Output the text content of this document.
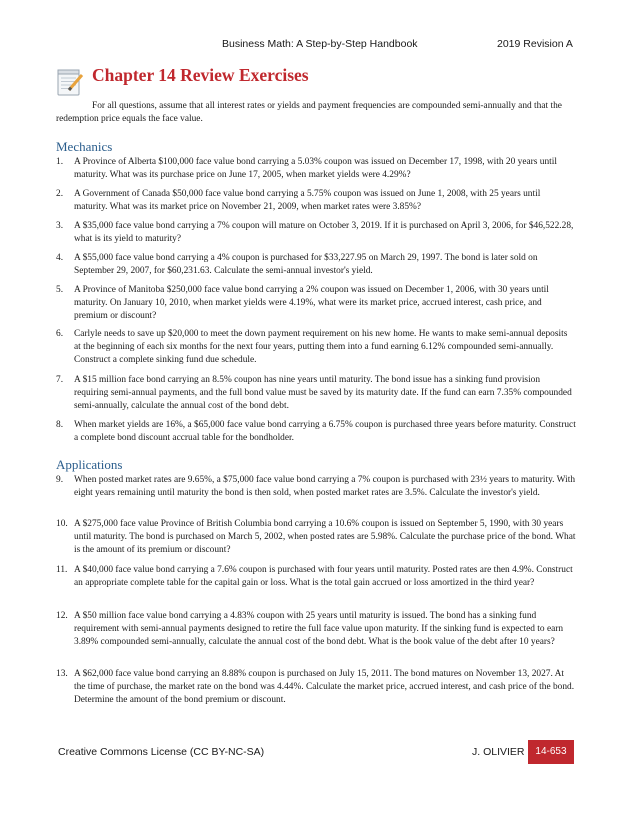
Business Math: A Step-by-Step Handbook	2019 Revision A
Chapter 14 Review Exercises
For all questions, assume that all interest rates or yields and payment frequencies are compounded semi-annually and that the redemption price equals the face value.
Mechanics
1.	A Province of Alberta $100,000 face value bond carrying a 5.03% coupon was issued on December 17, 1998, with 20 years until maturity. What was its purchase price on June 17, 2005, when market yields were 4.29%?
2.	A Government of Canada $50,000 face value bond carrying a 5.75% coupon was issued on June 1, 2008, with 25 years until maturity. What was its market price on November 21, 2009, when market rates were 3.85%?
3.	A $35,000 face value bond carrying a 7% coupon will mature on October 3, 2019. If it is purchased on April 3, 2006, for $46,522.28, what is its yield to maturity?
4.	A $55,000 face value bond carrying a 4% coupon is purchased for $33,227.95 on March 29, 1997. The bond is later sold on September 29, 2007, for $60,231.63. Calculate the semi-annual investor's yield.
5.	A Province of Manitoba $250,000 face value bond carrying a 2% coupon was issued on December 1, 2006, with 30 years until maturity. On January 10, 2010, when market yields were 4.19%, what were its market price, accrued interest, cash price, and premium or discount?
6.	Carlyle needs to save up $20,000 to meet the down payment requirement on his new home. He wants to make semi-annual deposits at the beginning of each six months for the next four years, putting them into a fund earning 6.12% compounded semi-annually. Construct a complete sinking fund due schedule.
7.	A $15 million face bond carrying an 8.5% coupon has nine years until maturity. The bond issue has a sinking fund provision requiring semi-annual payments, and the full bond value must be saved by its maturity date. If the fund can earn 7.35% compounded semi-annually, calculate the annual cost of the bond debt.
8.	When market yields are 16%, a $65,000 face value bond carrying a 6.75% coupon is purchased three years before maturity. Construct a complete bond discount accrual table for the bondholder.
Applications
9.	When posted market rates are 9.65%, a $75,000 face value bond carrying a 7% coupon is purchased with 23½ years to maturity. With eight years remaining until maturity the bond is then sold, when posted market rates are 3.5%. Calculate the investor's yield.
10. A $275,000 face value Province of British Columbia bond carrying a 10.6% coupon is issued on September 5, 1990, with 30 years until maturity. The bond is purchased on March 5, 2002, when posted rates are 5.98%. Calculate the purchase price of the bond. What is the amount of its premium or discount?
11. A $40,000 face value bond carrying a 7.6% coupon is purchased with four years until maturity. Posted rates are then 4.9%. Construct an appropriate complete table for the capital gain or loss. What is the total gain accrued or loss amortized in the third year?
12. A $50 million face value bond carrying a 4.83% coupon with 25 years until maturity is issued. The bond has a sinking fund requirement with semi-annual payments designed to retire the full face value upon maturity. If the sinking fund is expected to earn 3.89% compounded semi-annually, calculate the annual cost of the bond debt. What is the book value of the debt after 10 years?
13. A $62,000 face value bond carrying an 8.88% coupon is purchased on July 15, 2011. The bond matures on November 13, 2027. At the time of purchase, the market rate on the bond was 4.44%. Calculate the market price, accrued interest, and cash price of the bond. Determine the amount of the bond premium or discount.
Creative Commons License (CC BY-NC-SA)	J. OLIVIER	14-653
